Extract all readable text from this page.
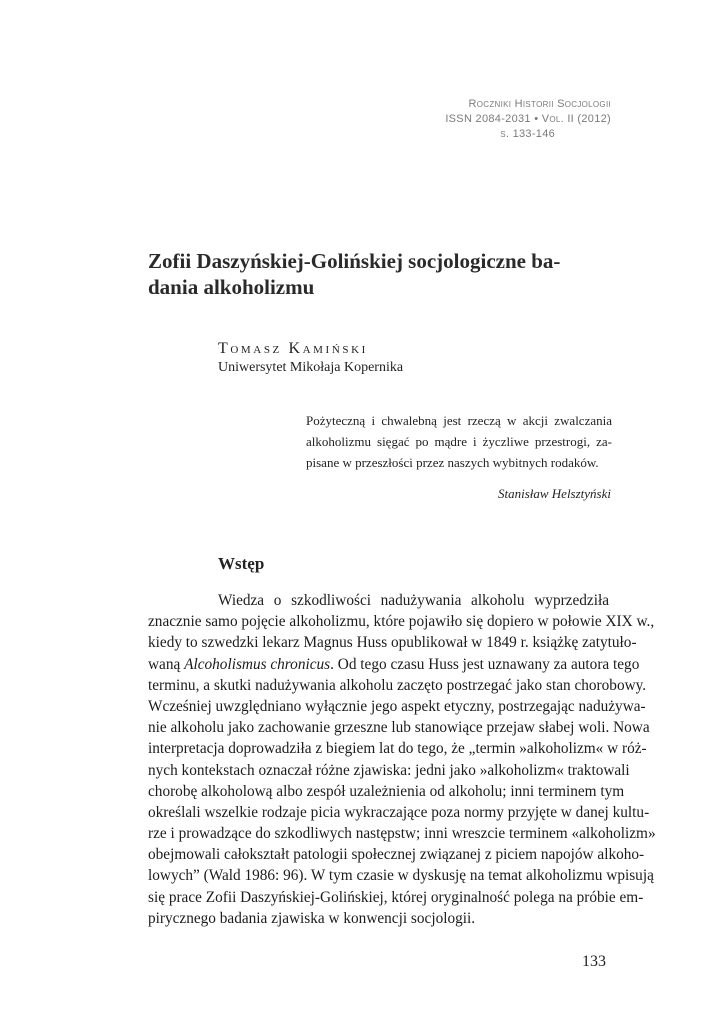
Roczniki Historii Socjologii
ISSN 2084-2031 • Vol. II (2012)
s. 133-146
Zofii Daszyńskiej-Golińskiej socjologiczne ba-
dania alkoholizmu
Tomasz Kamiński
Uniwersytet Mikołaja Kopernika
Pożyteczną i chwalebną jest rzeczą w akcji zwalczania
alkoholizmu sięgać po mądre i życzliwe przestrogi, za-
pisane w przeszłości przez naszych wybitnych rodaków.
Stanisław Helsztyński
Wstęp
Wiedza o szkodliwości nadużywania alkoholu wyprzedziła
znacznie samo pojęcie alkoholizmu, które pojawiło się dopiero w połowie XIX w.,
kiedy to szwedzki lekarz Magnus Huss opublikował w 1849 r. książkę zatytuło-
waną Alcoholismus chronicus. Od tego czasu Huss jest uznawany za autora tego
terminu, a skutki nadużywania alkoholu zaczęto postrzegać jako stan chorobowy.
Wcześniej uwzględniano wyłącznie jego aspekt etyczny, postrzegając nadużywa-
nie alkoholu jako zachowanie grzeszne lub stanowiące przejaw słabej woli. Nowa
interpretacja doprowadziła z biegiem lat do tego, że „termin »alkoholizm« w róż-
nych kontekstach oznaczał różne zjawiska: jedni jako »alkoholizm« traktowali
chorobę alkoholową albo zespół uzależnienia od alkoholu; inni terminem tym
określali wszelkie rodzaje picia wykraczające poza normy przyjęte w danej kultu-
rze i prowadzące do szkodliwych następstw; inni wreszcie terminem «alkoholizm»
obejmowali całokształt patologii społecznej związanej z piciem napojów alkoho-
lowych” (Wald 1986: 96). W tym czasie w dyskusję na temat alkoholizmu wpisują
się prace Zofii Daszyńskiej-Golińskiej, której oryginalność polega na próbie em-
pirycznego badania zjawiska w konwencji socjologii.
133
